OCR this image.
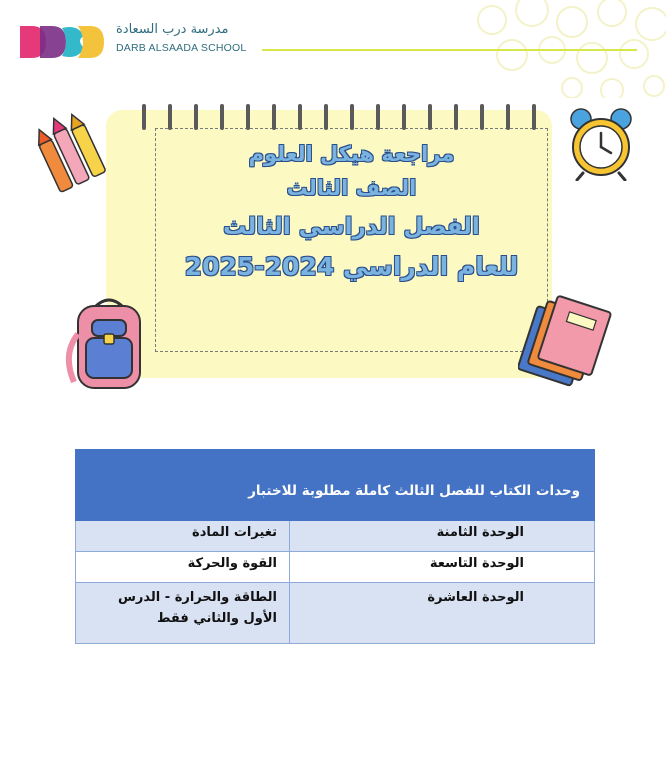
مدرسة درب السعادة
DARB ALSAADA SCHOOL
مراجعة هيكل العلوم
الصف الثالث
الفصل الدراسي الثالث
للعام الدراسي 2024-2025
وحدات الكتاب للفصل الثالث كاملة مطلوبة للاختبار	
الوحدة الثامنة	تغيرات المادة
الوحدة التاسعة	القوة والحركة
الوحدة العاشرة	الطاقة والحرارة - الدرس الأول والثاني فقط
